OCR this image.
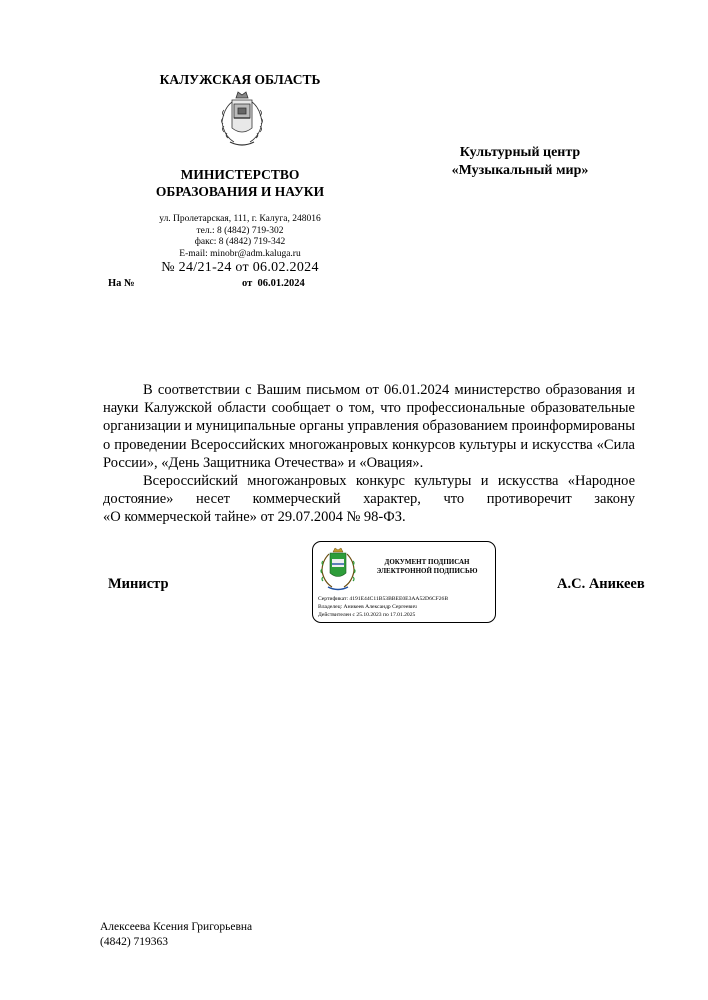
КАЛУЖСКАЯ ОБЛАСТЬ
МИНИСТЕРСТВО
ОБРАЗОВАНИЯ И НАУКИ
ул. Пролетарская, 111, г. Калуга, 248016
тел.: 8 (4842) 719-302
факс: 8 (4842) 719-342
E-mail: minobr@adm.kaluga.ru
№ 24/21-24 от 06.02.2024
На №	от 06.01.2024
Культурный центр
«Музыкальный мир»

В соответствии с Вашим письмом от 06.01.2024 министерство образования и науки Калужской области сообщает о том, что профессиональные образовательные организации и муниципальные органы управления образованием проинформированы о проведении Всероссийских многожанровых конкурсов культуры и искусства «Сила России», «День Защитника Отечества» и «Овация».

Всероссийский многожанровых конкурс культуры и искусства «Народное достояние» несет коммерческий характер, что противоречит закону

«О коммерческой тайне» от 29.07.2004 № 98-ФЗ.
Министр
ДОКУМЕНТ ПОДПИСАН
ЭЛЕКТРОННОЙ ПОДПИСЬЮ
Сертификат: 4191E44C11B53BBEE0E3AA52D6CF26B
Владелец: Аникеев Александр Сергеевич
Действителен с 25.10.2023 по 17.01.2025
А.С. Аникеев
Алексеева Ксения Григорьевна
(4842) 719363
